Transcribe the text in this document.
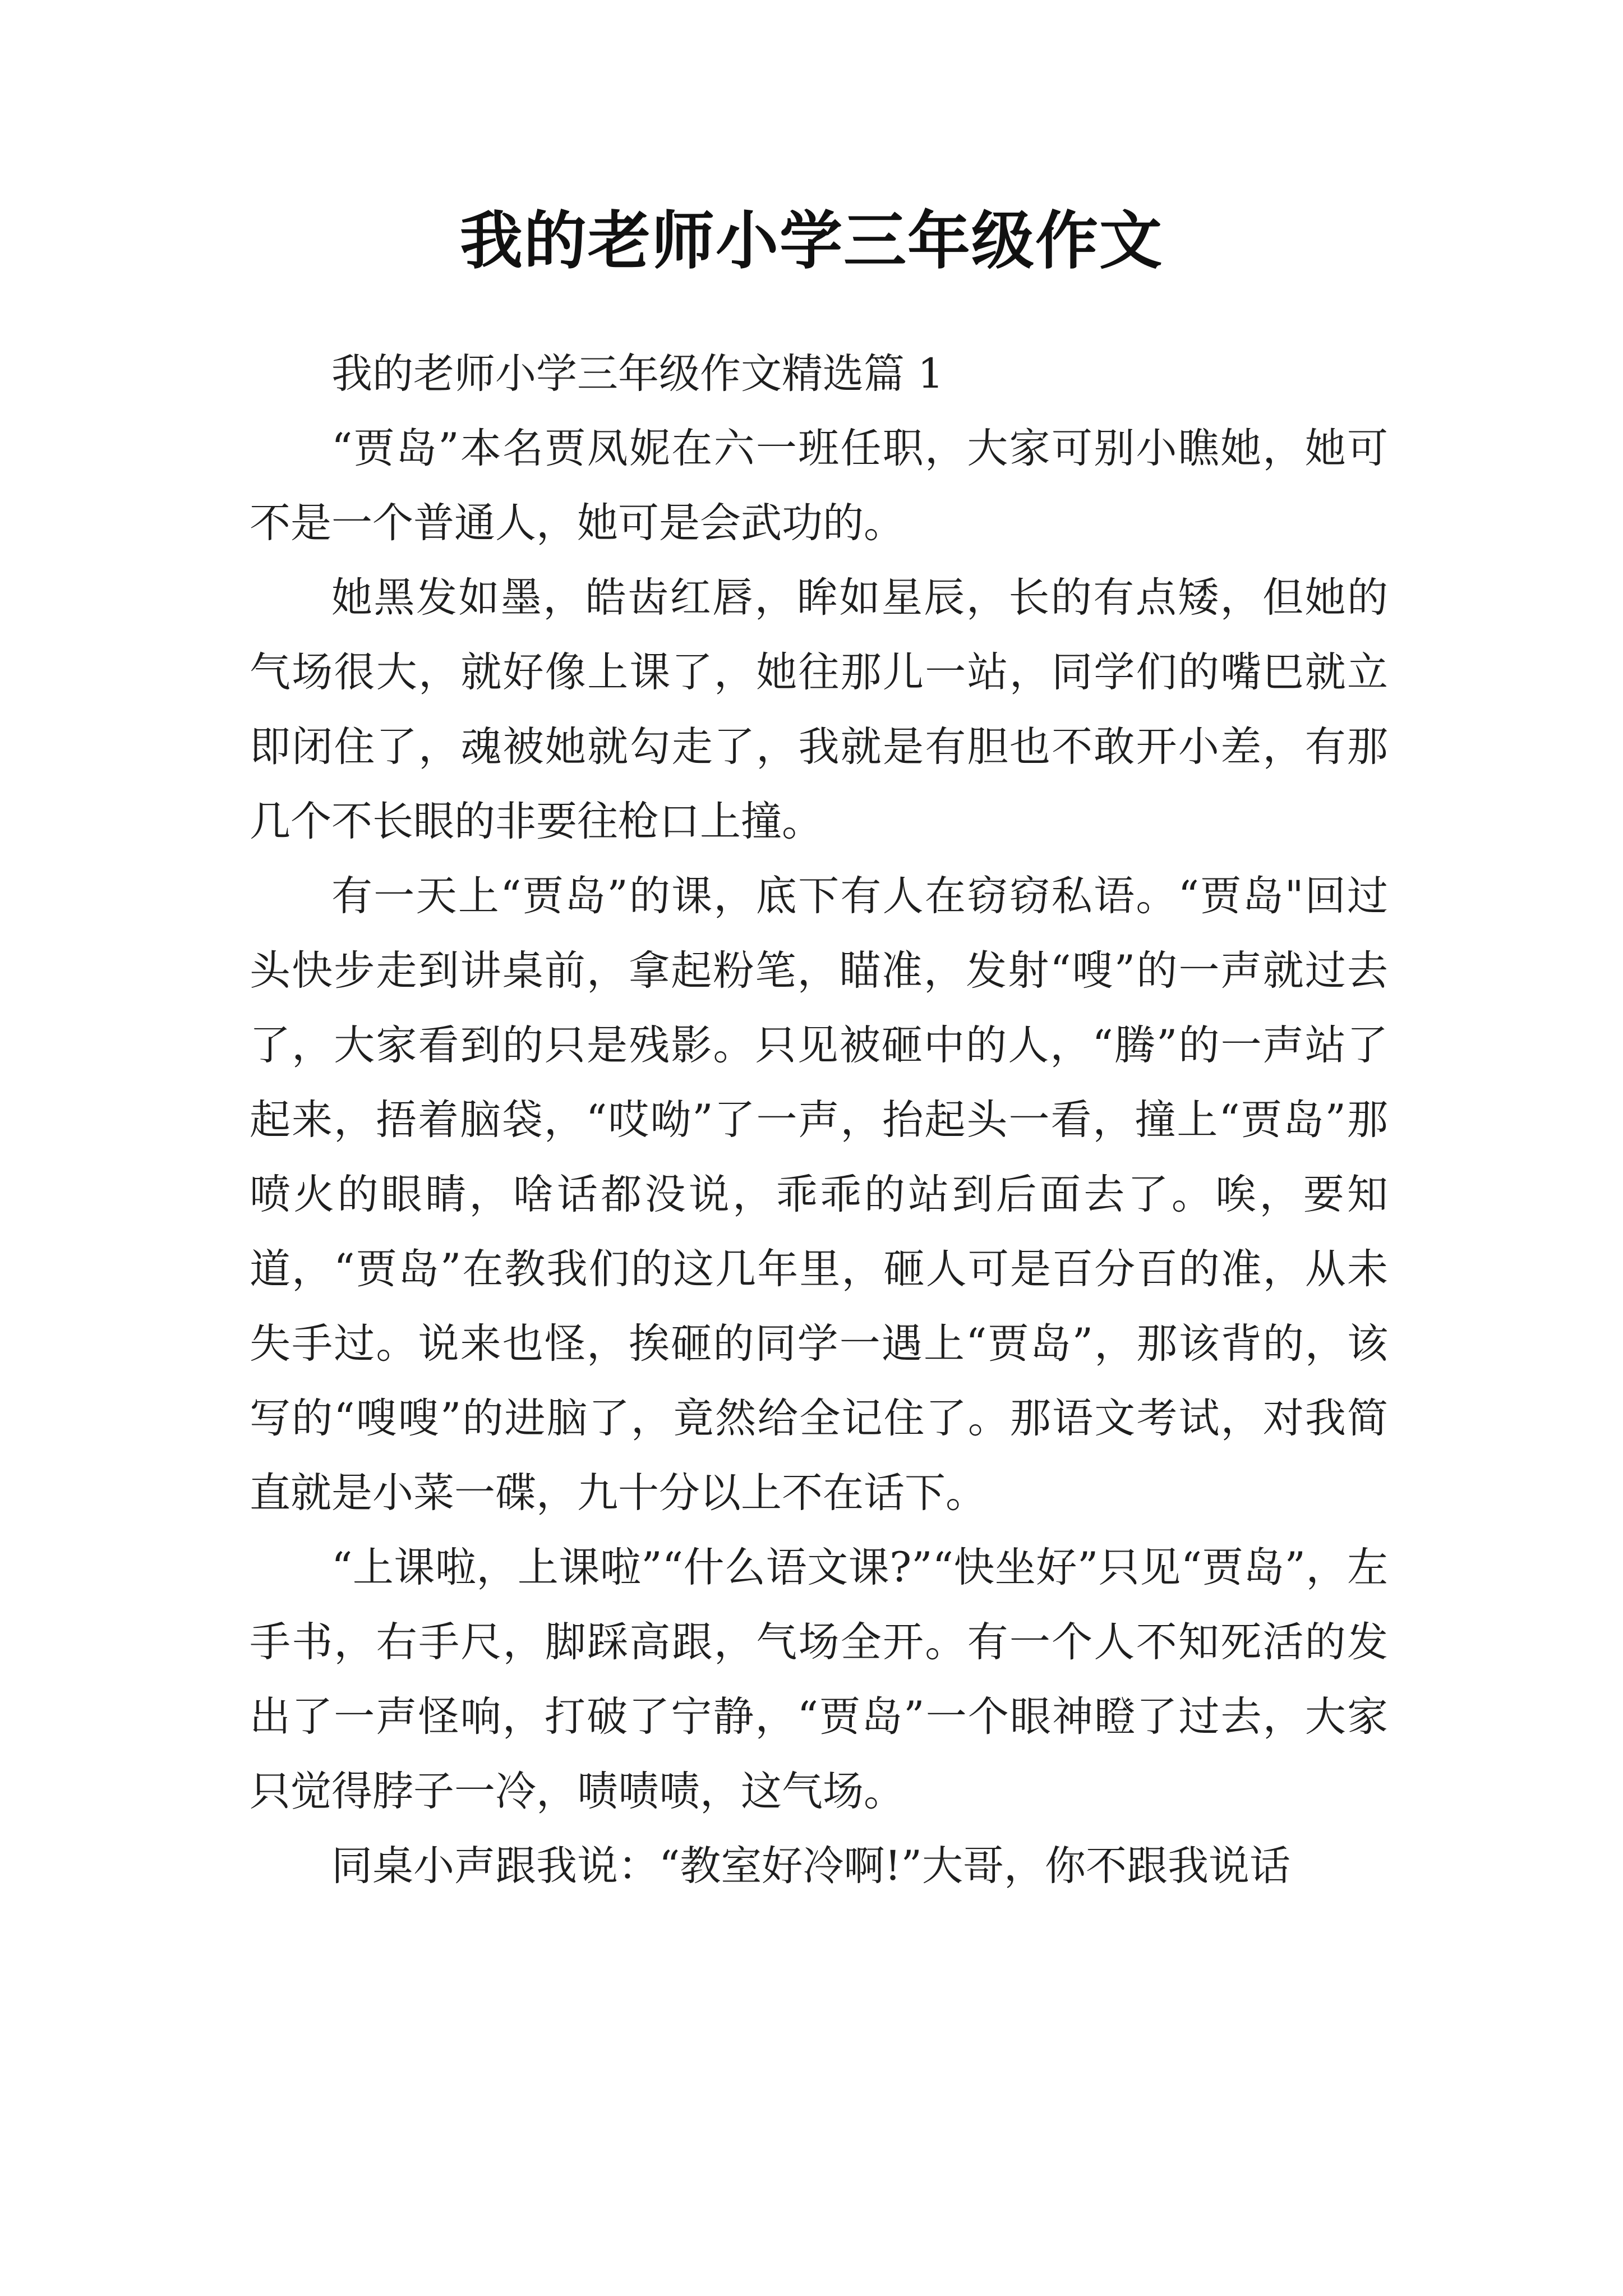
我的老师小学三年级作文

我的老师小学三年级作文精选篇 1

“贾岛”本名贾凤妮在六一班任职，大家可别小瞧她，她可不是一个普通人，她可是会武功的。

她黑发如墨，皓齿红唇，眸如星辰，长的有点矮，但她的气场很大，就好像上课了，她往那儿一站，同学们的嘴巴就立即闭住了，魂被她就勾走了，我就是有胆也不敢开小差，有那几个不长眼的非要往枪口上撞。

有一天上“贾岛”的课，底下有人在窃窃私语。“贾岛"回过头快步走到讲桌前，拿起粉笔，瞄准，发射“嗖”的一声就过去了，大家看到的只是残影。只见被砸中的人，“腾”的一声站了起来，捂着脑袋，“哎呦”了一声，抬起头一看，撞上“贾岛”那喷火的眼睛，啥话都没说，乖乖的站到后面去了。唉，要知道，“贾岛”在教我们的这几年里，砸人可是百分百的准，从未失手过。说来也怪，挨砸的同学一遇上“贾岛”，那该背的，该写的“嗖嗖”的进脑了，竟然给全记住了。那语文考试，对我简直就是小菜一碟，九十分以上不在话下。

“上课啦，上课啦”“什么语文课?”“快坐好”只见“贾岛”，左手书，右手尺，脚踩高跟，气场全开。有一个人不知死活的发出了一声怪响，打破了宁静，“贾岛”一个眼神瞪了过去，大家只觉得脖子一冷，啧啧啧，这气场。

同桌小声跟我说：“教室好冷啊!”大哥，你不跟我说话
